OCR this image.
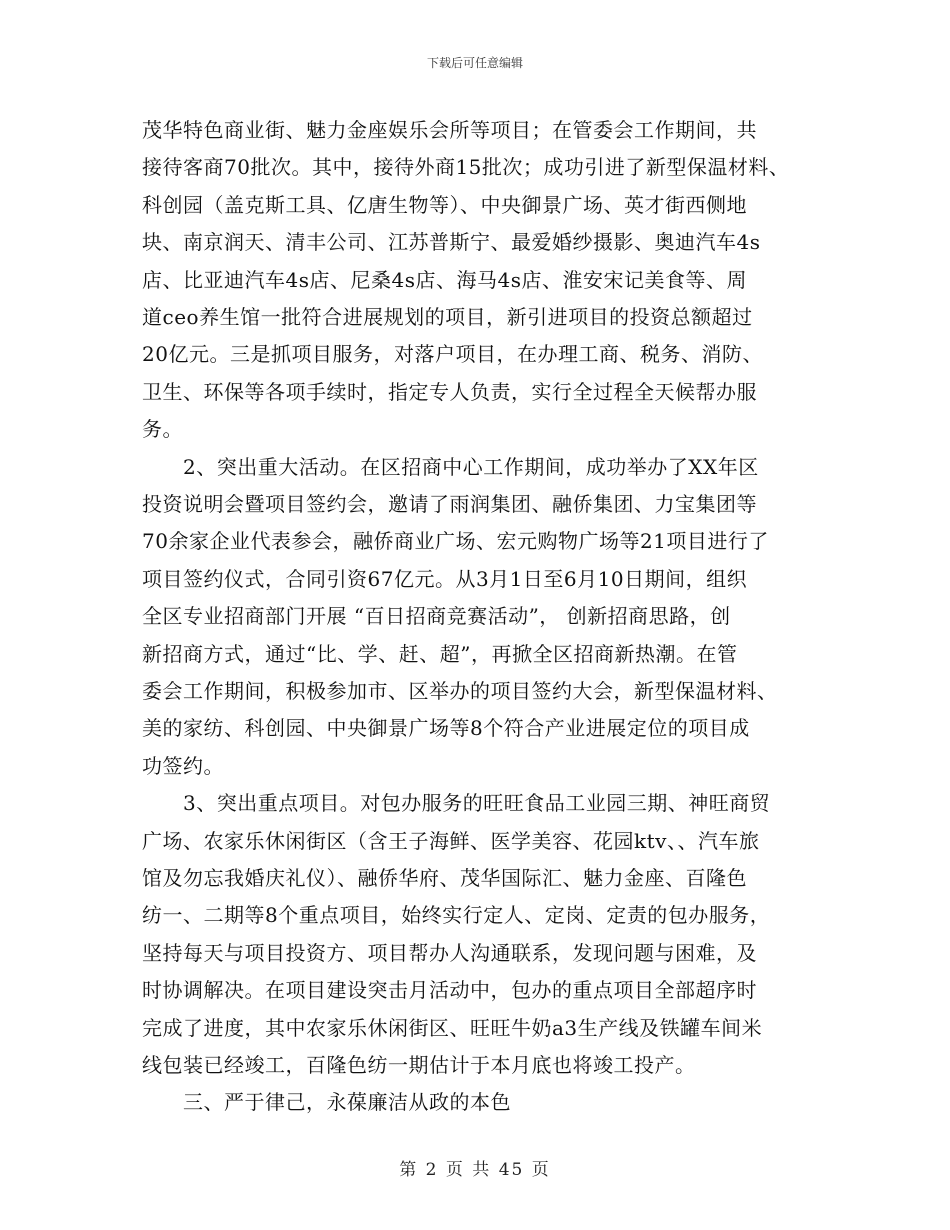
下载后可任意编辑
茂华特色商业街、魅力金座娱乐会所等项目；在管委会工作期间，共
接待客商70批次。其中，接待外商15批次；成功引进了新型保温材料、
科创园（盖克斯工具、亿唐生物等）、中央御景广场、英才街西侧地
块、南京润天、清丰公司、江苏普斯宁、最爱婚纱摄影、奥迪汽车4s
店、比亚迪汽车4s店、尼桑4s店、海马4s店、淮安宋记美食等、周
道ceo养生馆一批符合进展规划的项目，新引进项目的投资总额超过
20亿元。三是抓项目服务，对落户项目，在办理工商、税务、消防、
卫生、环保等各项手续时，指定专人负责，实行全过程全天候帮办服
务。
　　2、突出重大活动。在区招商中心工作期间，成功举办了XX年区
投资说明会暨项目签约会，邀请了雨润集团、融侨集团、力宝集团等
70余家企业代表参会，融侨商业广场、宏元购物广场等21项目进行了
项目签约仪式，合同引资67亿元。从3月1日至6月10日期间，组织
全区专业招商部门开展 “百日招商竞赛活动”， 创新招商思路，创
新招商方式，通过“比、学、赶、超”，再掀全区招商新热潮。在管
委会工作期间，积极参加市、区举办的项目签约大会，新型保温材料、
美的家纺、科创园、中央御景广场等8个符合产业进展定位的项目成
功签约。
　　3、突出重点项目。对包办服务的旺旺食品工业园三期、神旺商贸
广场、农家乐休闲街区（含王子海鲜、医学美容、花园ktv、、汽车旅
馆及勿忘我婚庆礼仪）、融侨华府、茂华国际汇、魅力金座、百隆色
纺一、二期等8个重点项目，始终实行定人、定岗、定责的包办服务，
坚持每天与项目投资方、项目帮办人沟通联系，发现问题与困难，及
时协调解决。在项目建设突击月活动中，包办的重点项目全部超序时
完成了进度，其中农家乐休闲街区、旺旺牛奶a3生产线及铁罐车间米
线包装已经竣工，百隆色纺一期估计于本月底也将竣工投产。
　　三、严于律己，永葆廉洁从政的本色
第 2 页 共 45 页
